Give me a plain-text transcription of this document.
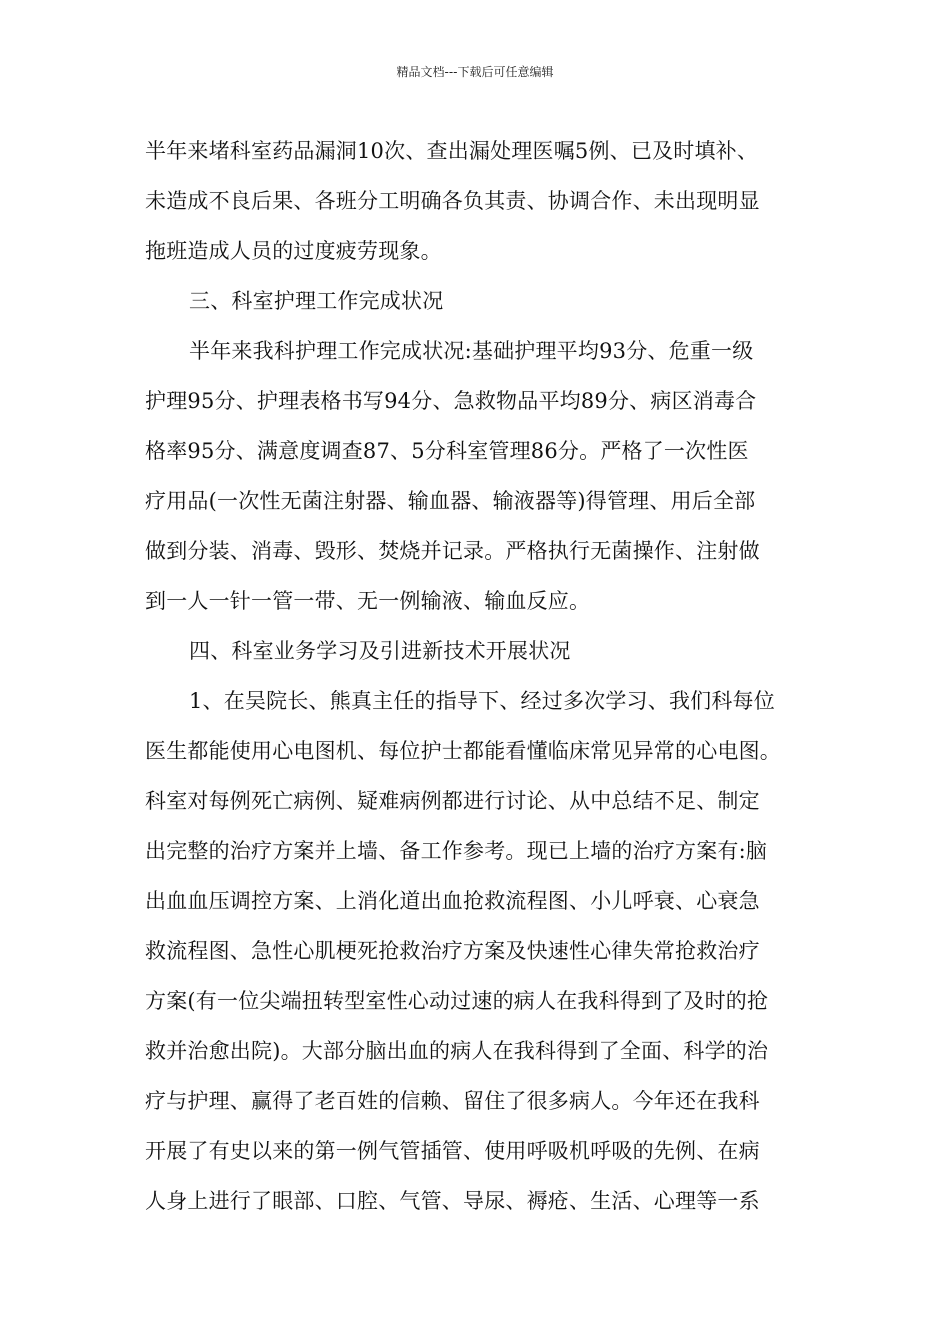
精品文档---下载后可任意编辑
半年来堵科室药品漏洞10次、查出漏处理医嘱5例、已及时填补、
未造成不良后果、各班分工明确各负其责、协调合作、未出现明显
拖班造成人员的过度疲劳现象。
三、科室护理工作完成状况
半年来我科护理工作完成状况:基础护理平均93分、危重一级
护理95分、护理表格书写94分、急救物品平均89分、病区消毒合
格率95分、满意度调查87、5分科室管理86分。严格了一次性医
疗用品(一次性无菌注射器、输血器、输液器等)得管理、用后全部
做到分装、消毒、毁形、焚烧并记录。严格执行无菌操作、注射做
到一人一针一管一带、无一例输液、输血反应。
四、科室业务学习及引进新技术开展状况
1、在吴院长、熊真主任的指导下、经过多次学习、我们科每位
医生都能使用心电图机、每位护士都能看懂临床常见异常的心电图。
科室对每例死亡病例、疑难病例都进行讨论、从中总结不足、制定
出完整的治疗方案并上墙、备工作参考。现已上墙的治疗方案有:脑
出血血压调控方案、上消化道出血抢救流程图、小儿呼衰、心衰急
救流程图、急性心肌梗死抢救治疗方案及快速性心律失常抢救治疗
方案(有一位尖端扭转型室性心动过速的病人在我科得到了及时的抢
救并治愈出院)。大部分脑出血的病人在我科得到了全面、科学的治
疗与护理、赢得了老百姓的信赖、留住了很多病人。今年还在我科
开展了有史以来的第一例气管插管、使用呼吸机呼吸的先例、在病
人身上进行了眼部、口腔、气管、导尿、褥疮、生活、心理等一系
